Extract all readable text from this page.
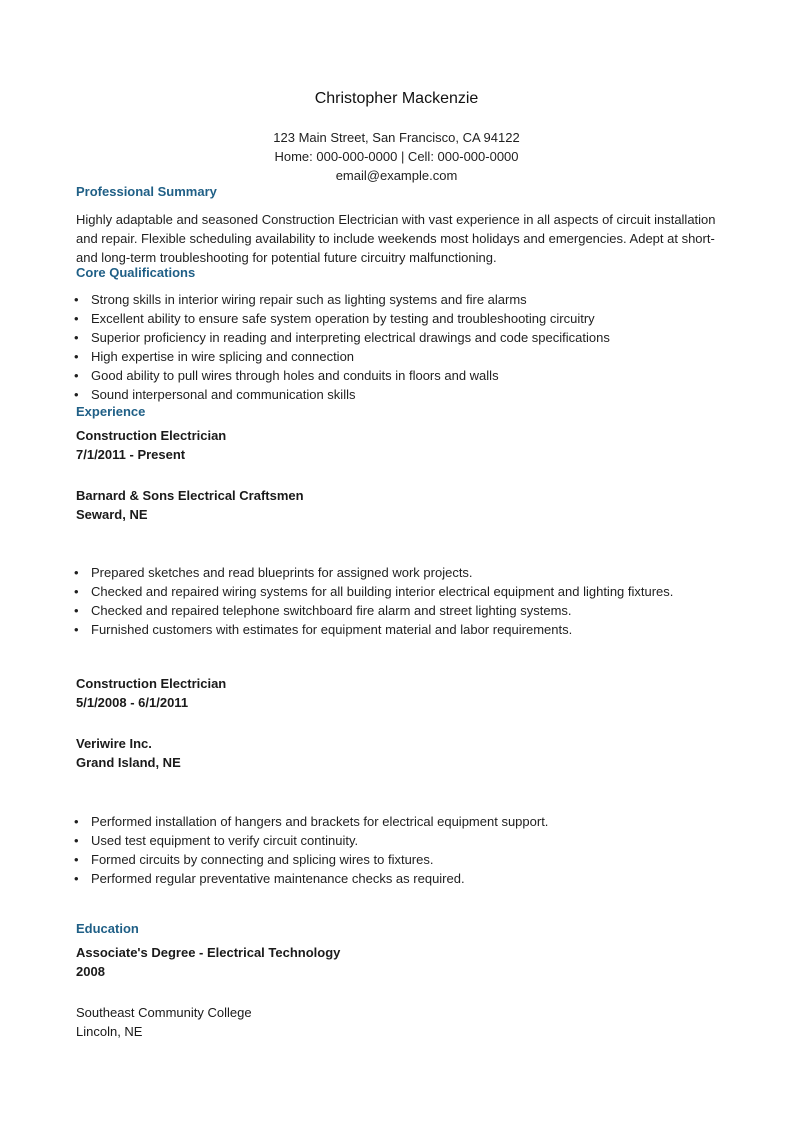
Christopher Mackenzie
123 Main Street, San Francisco, CA 94122
Home: 000-000-0000 | Cell: 000-000-0000
email@example.com
Professional Summary

Highly adaptable and seasoned Construction Electrician with vast experience in all aspects of circuit installation and repair. Flexible scheduling availability to include weekends most holidays and emergencies. Adept at short- and long-term troubleshooting for potential future circuitry malfunctioning.

Core Qualifications
• Strong skills in interior wiring repair such as lighting systems and fire alarms
• Excellent ability to ensure safe system operation by testing and troubleshooting circuitry
• Superior proficiency in reading and interpreting electrical drawings and code specifications
• High expertise in wire splicing and connection
• Good ability to pull wires through holes and conduits in floors and walls
• Sound interpersonal and communication skills
Experience
Construction Electrician
7/1/2011 - Present
Barnard & Sons Electrical Craftsmen
Seward, NE
• Prepared sketches and read blueprints for assigned work projects.
• Checked and repaired wiring systems for all building interior electrical equipment and lighting fixtures.
• Checked and repaired telephone switchboard fire alarm and street lighting systems.
• Furnished customers with estimates for equipment material and labor requirements.
Construction Electrician
5/1/2008 - 6/1/2011
Veriwire Inc.
Grand Island, NE
• Performed installation of hangers and brackets for electrical equipment support.
• Used test equipment to verify circuit continuity.
• Formed circuits by connecting and splicing wires to fixtures.
• Performed regular preventative maintenance checks as required.
Education
Associate's Degree - Electrical Technology
2008
Southeast Community College
Lincoln, NE
